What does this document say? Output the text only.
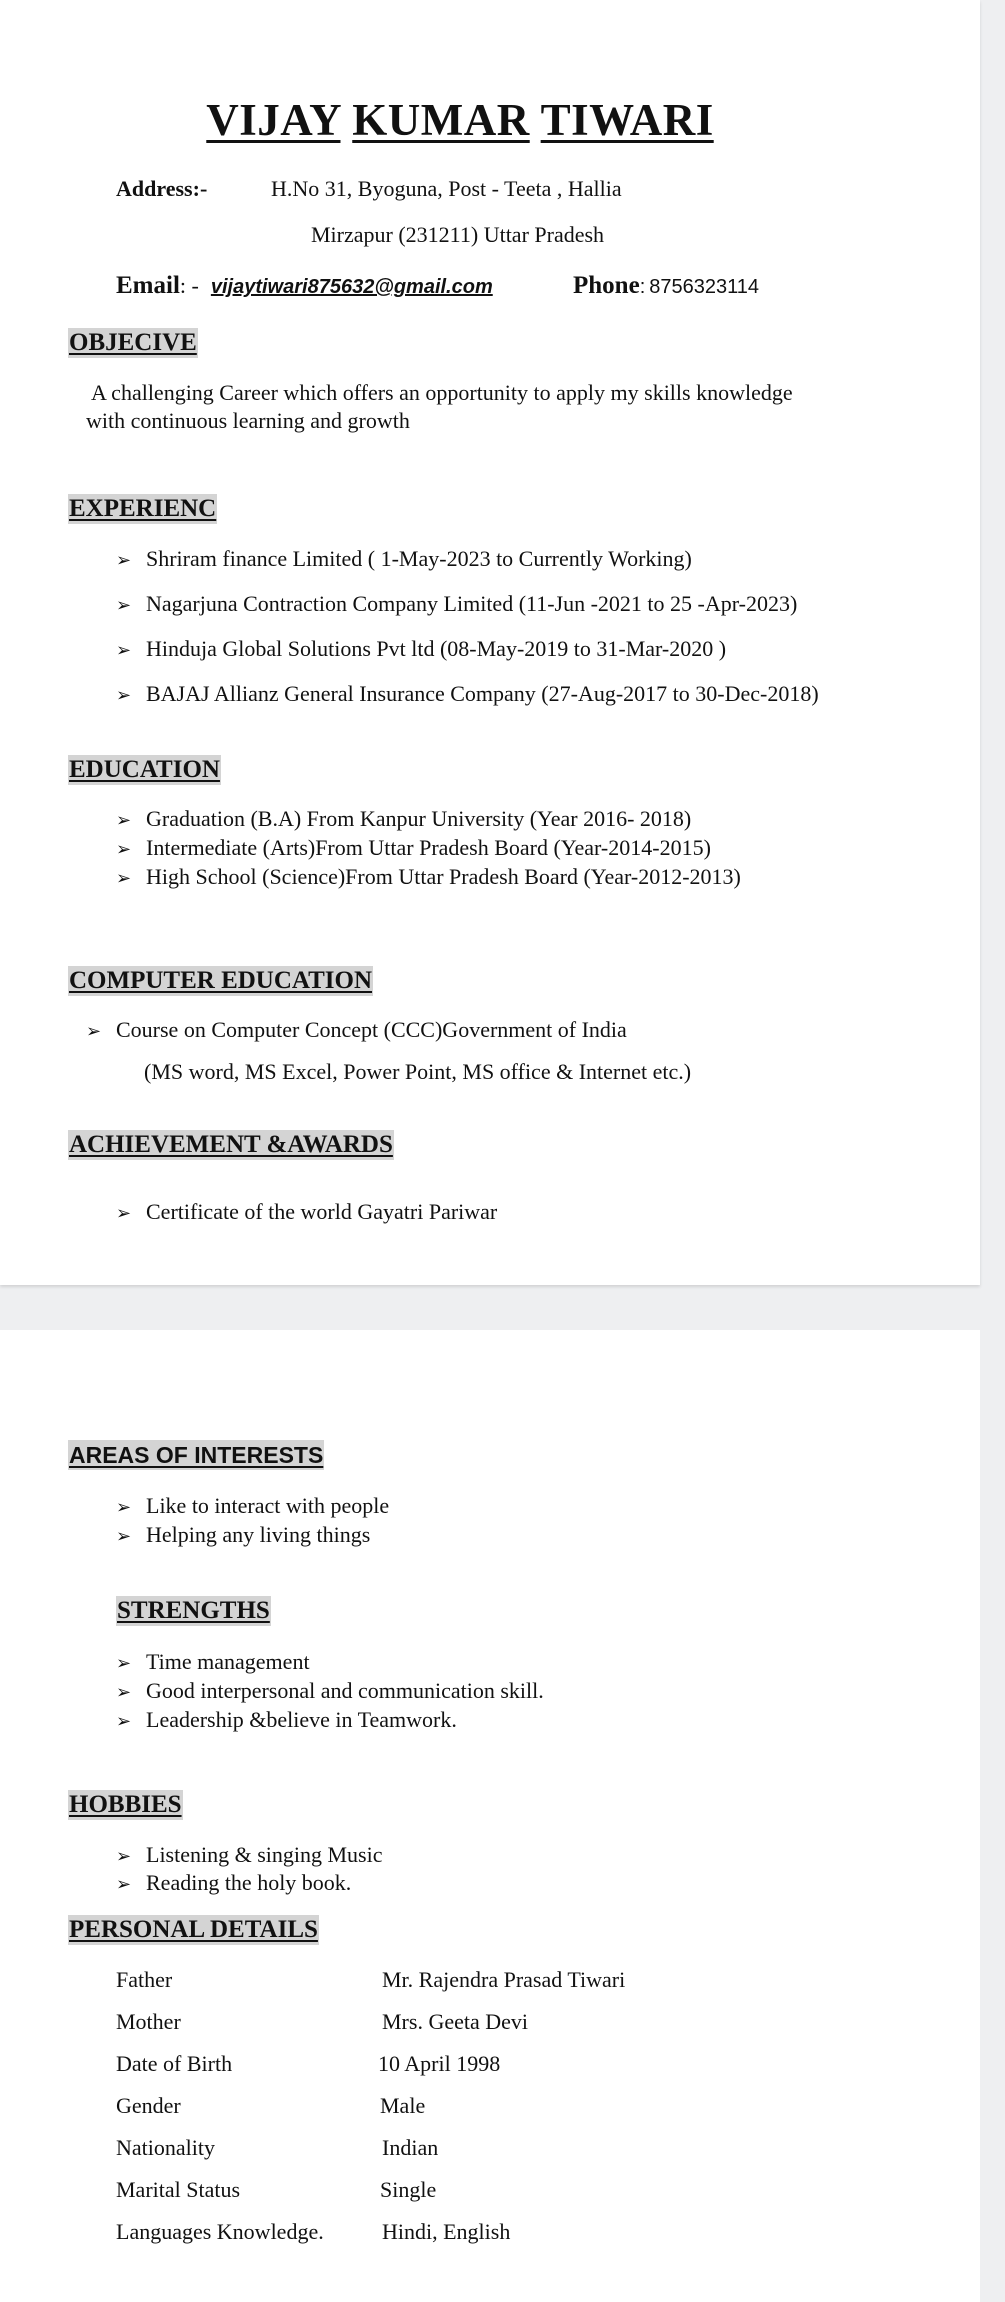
VIJAY KUMAR TIWARI
Address:-	H.No 31, Byoguna, Post - Teeta , Hallia
Mirzapur (231211) Uttar Pradesh
Email: - vijaytiwari875632@gmail.com	Phone: 8756323114
OBJECIVE
A challenging Career which offers an opportunity to apply my skills knowledge
with continuous learning and growth
EXPERIENC
➢ Shriram finance Limited ( 1-May-2023 to Currently Working)
➢ Nagarjuna Contraction Company Limited (11-Jun -2021 to 25 -Apr-2023)
➢ Hinduja Global Solutions Pvt ltd (08-May-2019 to 31-Mar-2020 )
➢ BAJAJ Allianz General Insurance Company (27-Aug-2017 to 30-Dec-2018)
EDUCATION
➢ Graduation (B.A) From Kanpur University (Year 2016- 2018)
➢ Intermediate (Arts)From Uttar Pradesh Board (Year-2014-2015)
➢ High School (Science)From Uttar Pradesh Board (Year-2012-2013)
COMPUTER EDUCATION
➢ Course on Computer Concept (CCC)Government of India
(MS word, MS Excel, Power Point, MS office & Internet etc.)
ACHIEVEMENT &AWARDS
➢ Certificate of the world Gayatri Pariwar
AREAS OF INTERESTS
➢ Like to interact with people
➢ Helping any living things
STRENGTHS
➢ Time management
➢ Good interpersonal and communication skill.
➢ Leadership &believe in Teamwork.
HOBBIES
➢ Listening & singing Music
➢ Reading the holy book.
PERSONAL DETAILS
Father	Mr. Rajendra Prasad Tiwari
Mother	Mrs. Geeta Devi
Date of Birth	10 April 1998
Gender	Male
Nationality	Indian
Marital Status	Single
Languages Knowledge.	Hindi, English
